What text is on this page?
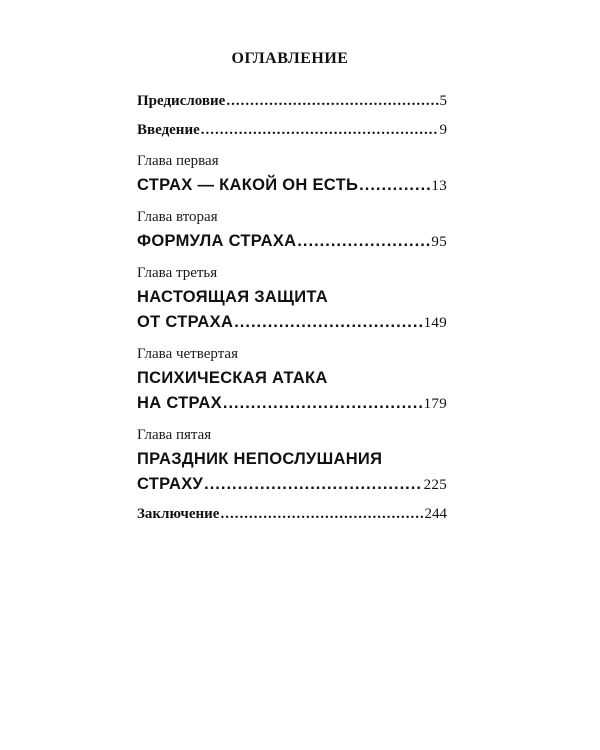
ОГЛАВЛЕНИЕ
Предисловие .....	5
Введение .....	9
Глава первая
СТРАХ — КАКОЙ ОН ЕСТЬ .....	13
Глава вторая
ФОРМУЛА СТРАХА .....	95
Глава третья
НАСТОЯЩАЯ ЗАЩИТА
ОТ СТРАХА .....	149
Глава четвертая
ПСИХИЧЕСКАЯ АТАКА
НА СТРАХ .....	179
Глава пятая
ПРАЗДНИК НЕПОСЛУШАНИЯ
СТРАХУ .....	225
Заключение .....	244
